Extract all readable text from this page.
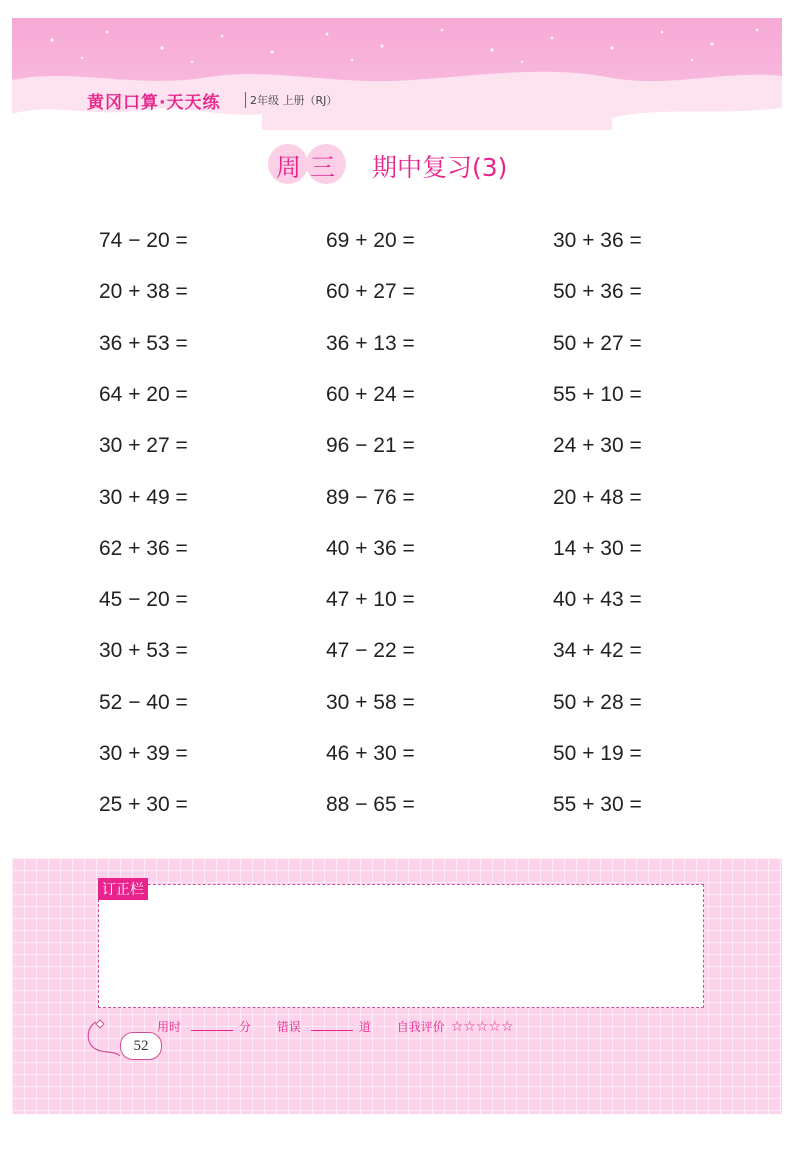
黄冈口算·天天练	2年级 上册（RJ）
周三 期中复习(3)
74 − 20 =	69 + 20 =	30 + 36 =
20 + 38 =	60 + 27 =	50 + 36 =
36 + 53 =	36 + 13 =	50 + 27 =
64 + 20 =	60 + 24 =	55 + 10 =
30 + 27 =	96 − 21 =	24 + 30 =
30 + 49 =	89 − 76 =	20 + 48 =
62 + 36 =	40 + 36 =	14 + 30 =
45 − 20 =	47 + 10 =	40 + 43 =
30 + 53 =	47 − 22 =	34 + 42 =
52 − 40 =	30 + 58 =	50 + 28 =
30 + 39 =	46 + 30 =	50 + 19 =
25 + 30 =	88 − 65 =	55 + 30 =
订正栏
用时	分 错误	道 自我评价 ☆☆☆☆☆
52
